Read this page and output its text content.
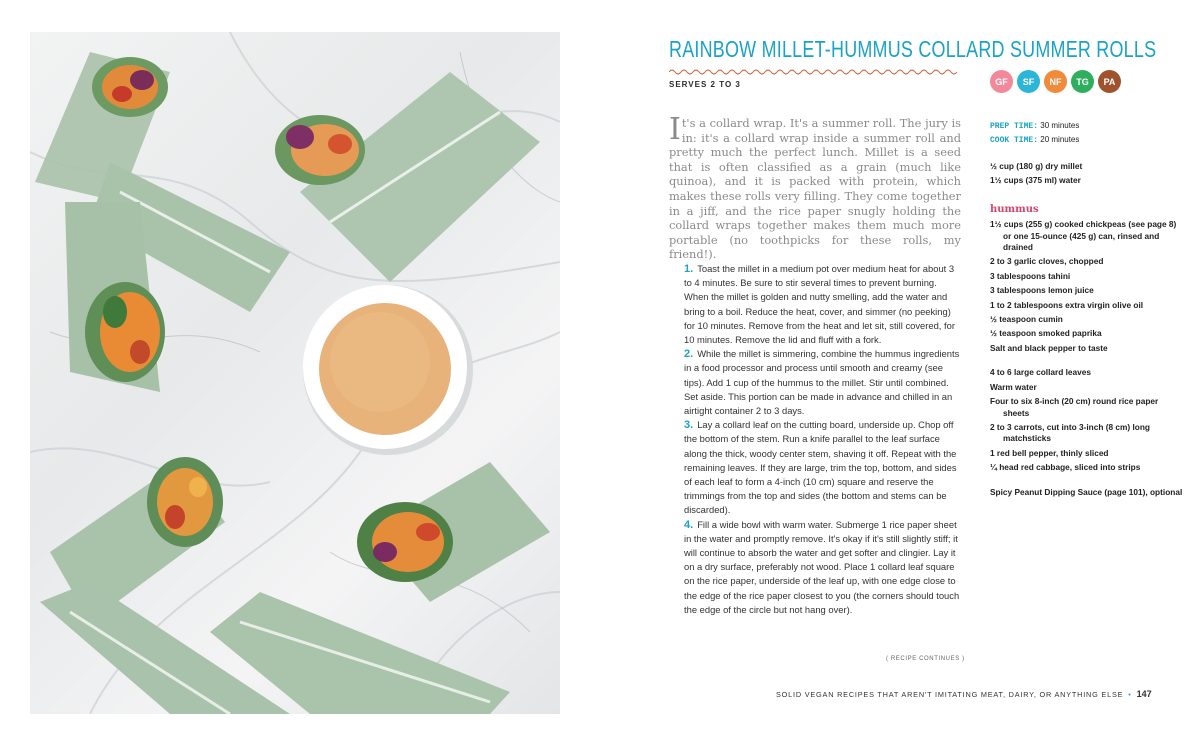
RAINBOW MILLET-HUMMUS COLLARD SUMMER ROLLS
SERVES 2 TO 3	GF	SF	NF	TG	PA
It's a collard wrap. It's a summer roll. The jury is in: it's a collard wrap inside a summer roll and pretty much the perfect lunch. Millet is a seed that is often classified as a grain (much like quinoa), and it is packed with protein, which makes these rolls very filling. They come together in a jiff, and the rice paper snugly holding the collard wraps together makes them much more portable (no toothpicks for these rolls, my friend!).

1. Toast the millet in a medium pot over medium heat for about 3 to 4 minutes. Be sure to stir several times to prevent burning. When the millet is golden and nutty smelling, add the water and bring to a boil. Reduce the heat, cover, and simmer (no peeking) for 10 minutes. Remove from the heat and let sit, still covered, for 10 minutes. Remove the lid and fluff with a fork.

2. While the millet is simmering, combine the hummus ingredients in a food processor and process until smooth and creamy (see tips). Add 1 cup of the hummus to the millet. Stir until combined. Set aside. This portion can be made in advance and chilled in an airtight container 2 to 3 days.

3. Lay a collard leaf on the cutting board, underside up. Chop off the bottom of the stem. Run a knife parallel to the leaf surface along the thick, woody center stem, shaving it off. Repeat with the remaining leaves. If they are large, trim the top, bottom, and sides of each leaf to form a 4-inch (10 cm) square and reserve the trimmings from the top and sides (the bottom and stems can be discarded).

4. Fill a wide bowl with warm water. Submerge 1 rice paper sheet in the water and promptly remove. It's okay if it's still slightly stiff; it will continue to absorb the water and get softer and clingier. Lay it on a dry surface, preferably not wood. Place 1 collard leaf square on the rice paper, underside of the leaf up, with one edge close to the edge of the rice paper closest to you (the corners should touch the edge of the circle but not hang over).

( RECIPE CONTINUES )
PREP TIME: 30 minutes
COOK TIME: 20 minutes

½ cup (180 g) dry millet

1½ cups (375 ml) water

hummus

1½ cups (255 g) cooked chickpeas (see page 8) or one 15-ounce (425 g) can, rinsed and drained

2 to 3 garlic cloves, chopped

3 tablespoons tahini

3 tablespoons lemon juice

1 to 2 tablespoons extra virgin olive oil

½ teaspoon cumin

½ teaspoon smoked paprika

Salt and black pepper to taste

4 to 6 large collard leaves

Warm water

Four to six 8-inch (20 cm) round rice paper sheets

2 to 3 carrots, cut into 3-inch (8 cm) long matchsticks

1 red bell pepper, thinly sliced

¼ head red cabbage, sliced into strips

Spicy Peanut Dipping Sauce (page 101), optional

SOLID VEGAN RECIPES THAT AREN'T IMITATING MEAT, DAIRY, OR ANYTHING ELSE • 147
